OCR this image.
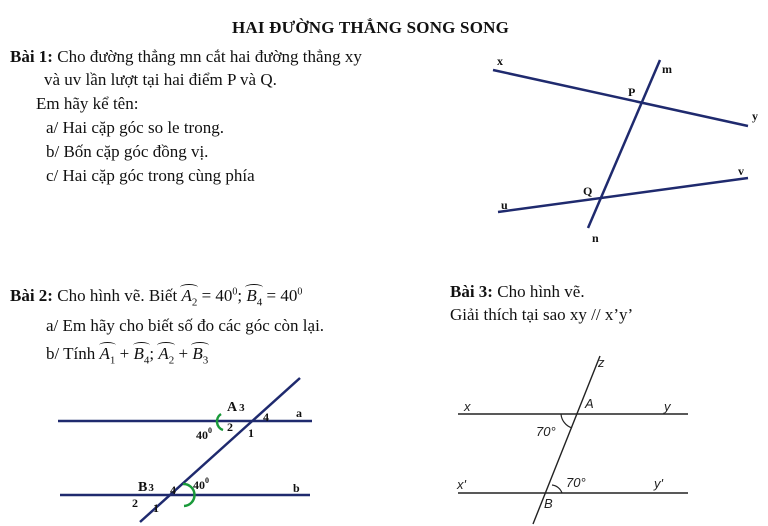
HAI ĐƯỜNG THẲNG SONG SONG
Bài 1: Cho đường thẳng mn cắt hai đường thẳng xy
và uv lần lượt tại hai điểm P và Q.
Em hãy kể tên:
a/ Hai cặp góc so le trong.
b/ Bốn cặp góc đồng vị.
c/ Hai cặp góc trong cùng phía
Bài 2: Cho hình vẽ. Biết $A_2 = 40^0$; $B_4 = 40^0$
a/ Em hãy cho biết số đo các góc còn lại.
b/ Tính $A_1 + B_4$; $A_2 + B_3$
Bài 3: Cho hình vẽ.
Giải thích tại sao xy // x’y’
x
m
P
y
v
Q
u
n
A 3
4 a
$40^0$ 2 1
B3 4 $40^0$
b
2 1
z
x	A	y
70°
x'	70°	y'
B
